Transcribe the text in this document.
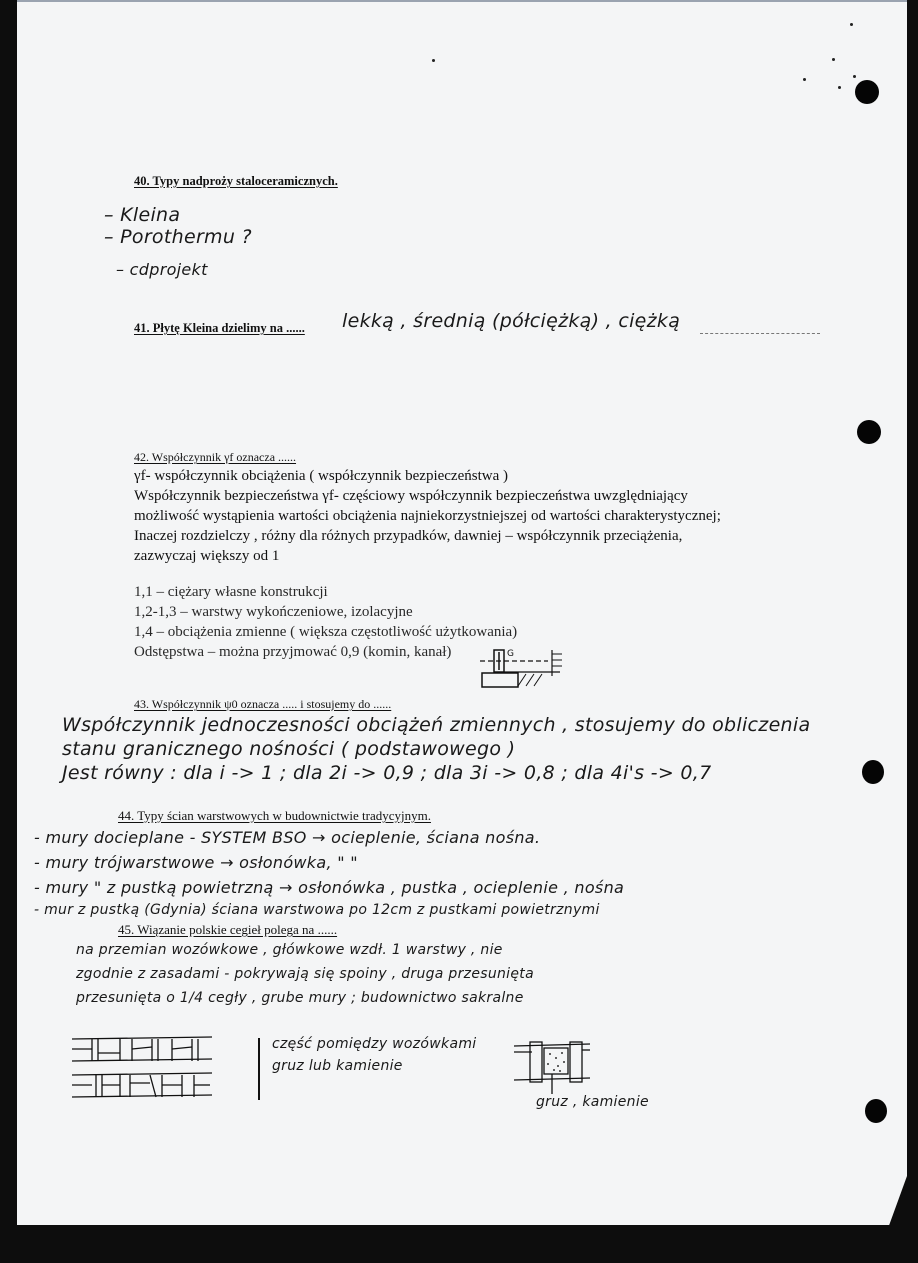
40. Typy nadproży staloceramicznych.
– Kleina
– Porothermu ?
– cdprojekt
41. Płytę Kleina dzielimy na ...... lekką , średnią (półciężką) , ciężką
42. Współczynnik γf oznacza ......
γf- współczynnik obciążenia ( współczynnik bezpieczeństwa )
Współczynnik bezpieczeństwa γf- częściowy współczynnik bezpieczeństwa uwzględniający
możliwość wystąpienia wartości obciążenia najniekorzystniejszej od wartości charakterystycznej;
Inaczej rozdzielczy , różny dla różnych przypadków, dawniej – współczynnik przeciążenia,
zazwyczaj większy od 1
1,1 – ciężary własne konstrukcji
1,2-1,3 – warstwy wykończeniowe, izolacyjne
1,4 – obciążenia zmienne ( większa częstotliwość użytkowania)
Odstępstwa – można przyjmować 0,9 (komin, kanał)	G
43. Współczynnik ψ0 oznacza ..... i stosujemy do ......
Współczynnik jednoczesności obciążeń zmiennych , stosujemy do obliczenia
stanu granicznego nośności ( podstawowego )
Jest równy : dla i -> 1 ; dla 2i -> 0,9 ; dla 3i -> 0,8 ; dla 4i's -> 0,7
44. Typy ścian warstwowych w budownictwie tradycyjnym.
- mury docieplane - SYSTEM BSO → ocieplenie, ściana nośna.
- mury trójwarstwowe → osłonówka, " "
- mury " z pustką powietrzną → osłonówka , pustka , ocieplenie , nośna
- mur z pustką (Gdynia) ściana warstwowa po 12cm z pustkami powietrznymi
45. Wiązanie polskie cegieł polega na ......
na przemian wozówkowe , główkowe wzdł. 1 warstwy , nie
zgodnie z zasadami - pokrywają się spoiny , druga przesunięta
przesunięta o 1/4 cegły , grube mury ; budownictwo sakralne
część pomiędzy wozówkami
gruz lub kamienie
gruz , kamienie
